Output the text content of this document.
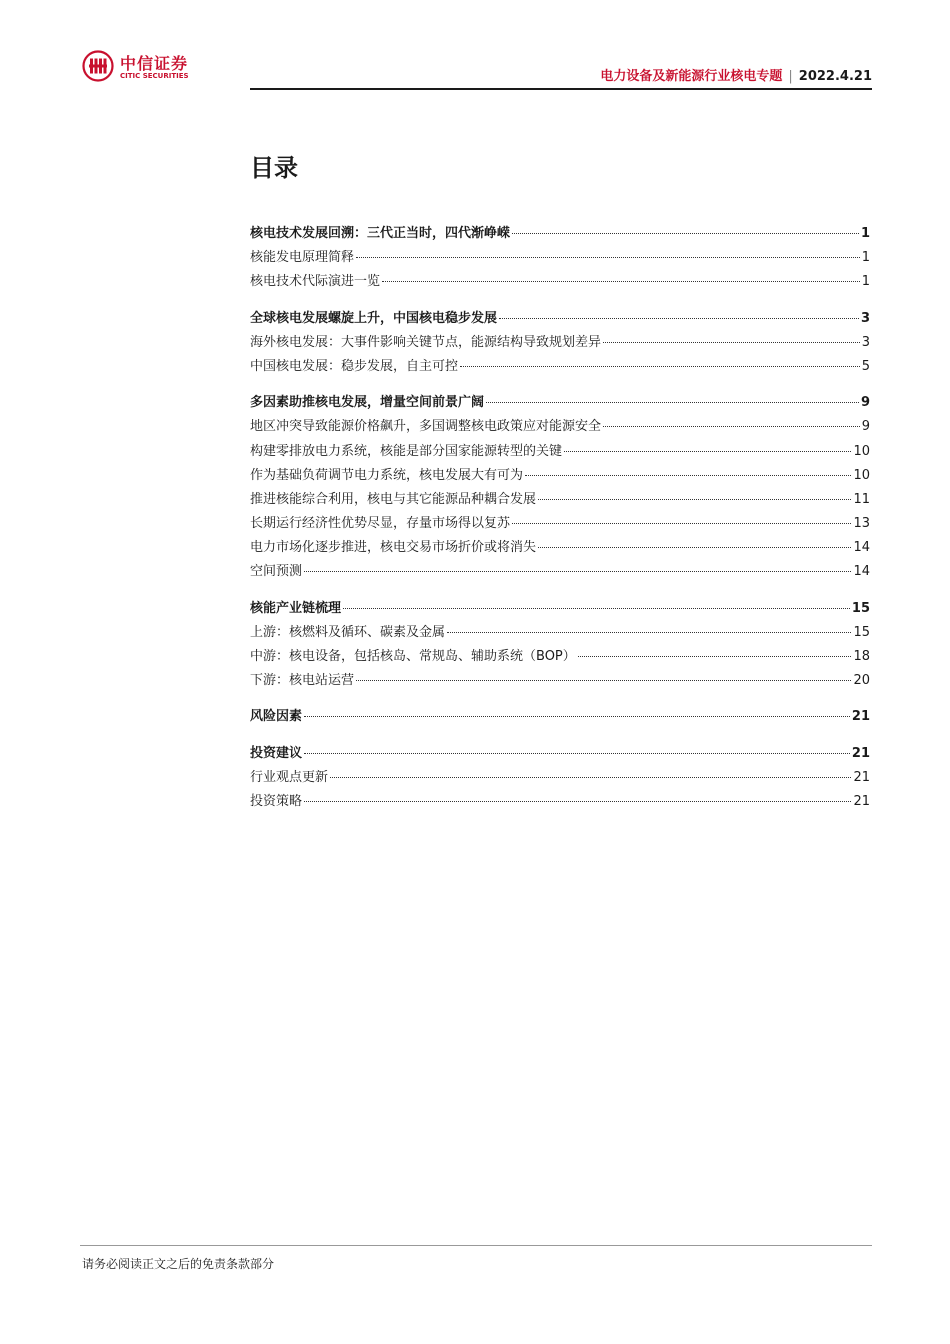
中信证券
CITIC SECURITIES	电力设备及新能源行业核电专题 | 2022.4.21
目录
核电技术发展回溯：三代正当时，四代渐峥嵘	1
核能发电原理简释	1
核电技术代际演进一览	1
全球核电发展螺旋上升，中国核电稳步发展	3
海外核电发展：大事件影响关键节点，能源结构导致规划差异	3
中国核电发展：稳步发展，自主可控	5
多因素助推核电发展，增量空间前景广阔	9
地区冲突导致能源价格飙升，多国调整核电政策应对能源安全	9
构建零排放电力系统，核能是部分国家能源转型的关键	10
作为基础负荷调节电力系统，核电发展大有可为	10
推进核能综合利用，核电与其它能源品种耦合发展	11
长期运行经济性优势尽显，存量市场得以复苏	13
电力市场化逐步推进，核电交易市场折价或将消失	14
空间预测	14
核能产业链梳理	15
上游：核燃料及循环、碳素及金属	15
中游：核电设备，包括核岛、常规岛、辅助系统（BOP）	18
下游：核电站运营	20
风险因素	21
投资建议	21
行业观点更新	21
投资策略	21
请务必阅读正文之后的免责条款部分
